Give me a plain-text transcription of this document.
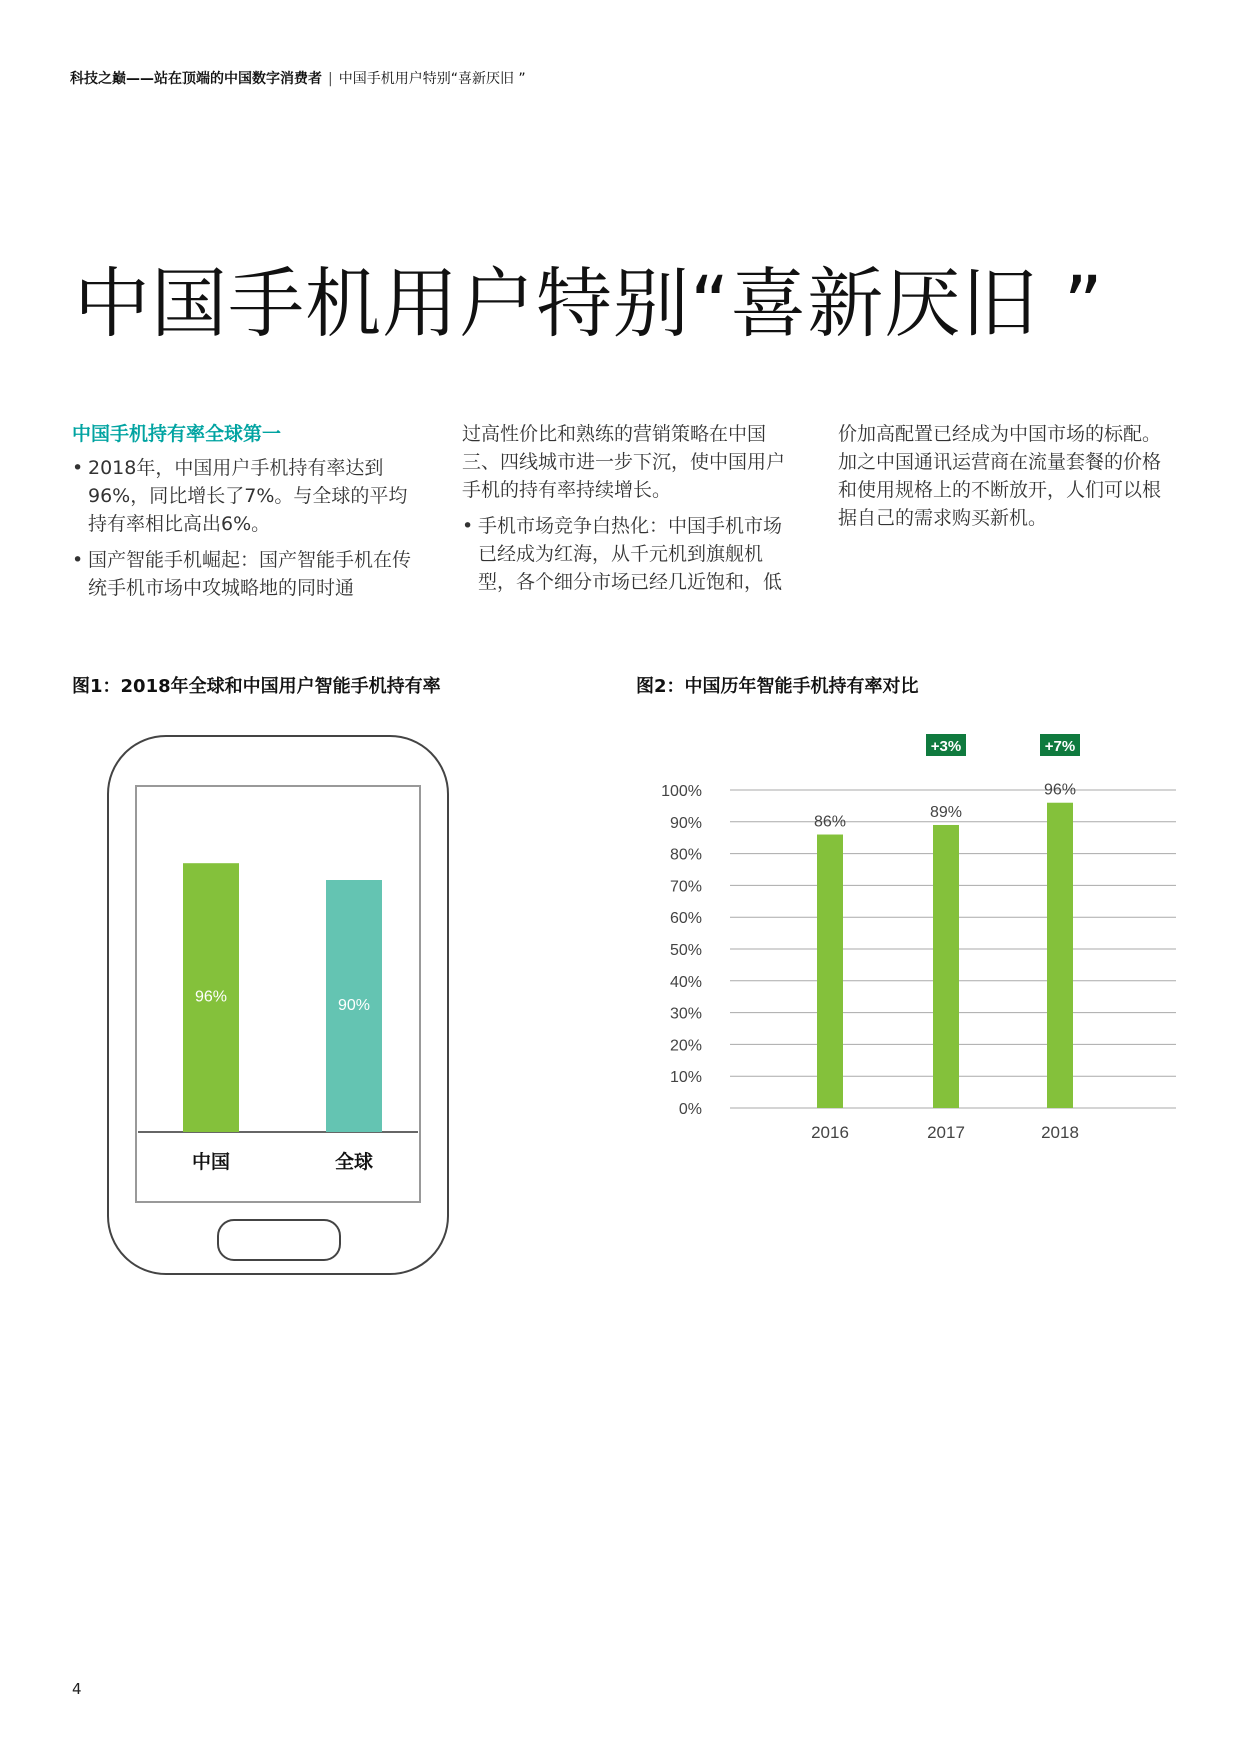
科技之巅——站在顶端的中国数字消费者 | 中国手机用户特别“喜新厌旧 ”
中国手机用户特别“喜新厌旧 ”
中国手机持有率全球第一
• 2018年，中国用户手机持有率达到96%，同比增长了7%。与全球的平均持有率相比高出6%。
• 国产智能手机崛起：国产智能手机在传统手机市场中攻城略地的同时通
过高性价比和熟练的营销策略在中国三、四线城市进一步下沉，使中国用户手机的持有率持续增长。
• 手机市场竞争白热化：中国手机市场已经成为红海，从千元机到旗舰机型，各个细分市场已经几近饱和，低
价加高配置已经成为中国市场的标配。加之中国通讯运营商在流量套餐的价格和使用规格上的不断放开，人们可以根据自己的需求购买新机。
图1：2018年全球和中国用户智能手机持有率	图2：中国历年智能手机持有率对比
96%
中国
90%
全球
0%
10%
20%
30%
40%
50%
60%
70%
80%
90%
100%
86%
2016
89%
2017
+3%
96%
2018
+7%
4
